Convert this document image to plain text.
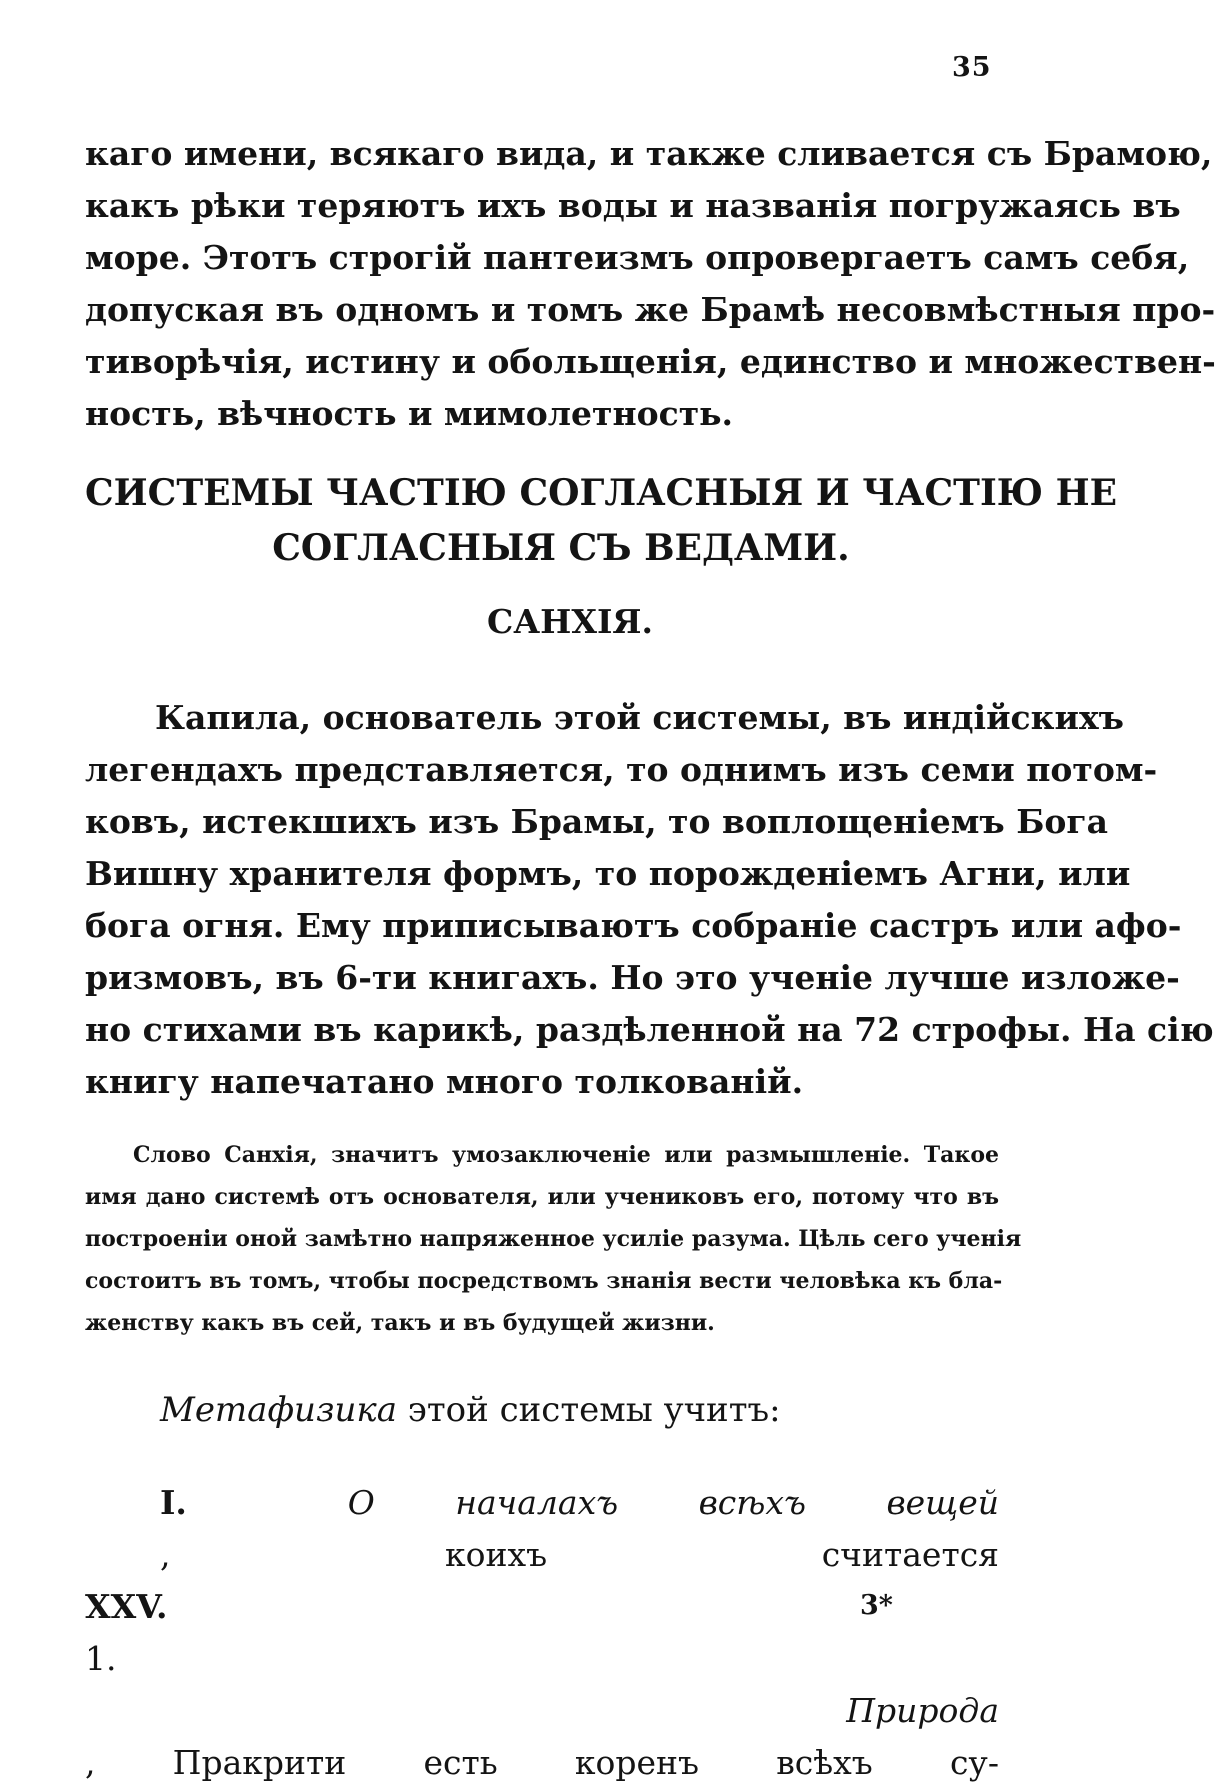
35
каго имени, всякаго вида, и также сливается съ Брамою,
какъ рѣки теряютъ ихъ воды и названія погружаясь въ
море. Этотъ строгій пантеизмъ опровергаетъ самъ себя,
допуская въ одномъ и томъ же Брамѣ несовмѣстныя про-
тиворѣчія, истину и обольщенія, единство и множествен-
ность, вѣчность и мимолетность.
СИСТЕМЫ ЧАСТІЮ СОГЛАСНЫЯ И ЧАСТІЮ НЕ
СОГЛАСНЫЯ СЪ ВЕДАМИ.
САНХІЯ.
Капила, основатель этой системы, въ индійскихъ
легендахъ представляется, то однимъ изъ семи потом-
ковъ, истекшихъ изъ Брамы, то воплощеніемъ Бога
Вишну хранителя формъ, то порожденіемъ Агни, или
бога огня. Ему приписываютъ собраніе састръ или афо-
ризмовъ, въ 6-ти книгахъ. Но это ученіе лучше изложе-
но стихами въ карикѣ, раздѣленной на 72 строфы. На сію
книгу напечатано много толкованій.
Слово Санхія, значитъ умозаключеніе или размышленіе. Такое
имя дано системѣ отъ основателя, или учениковъ его, потому что въ
построеніи оной замѣтно напряженное усиліе разума. Цѣль сего ученія
состоитъ въ томъ, чтобы посредствомъ знанія вести человѣка къ бла-
женству какъ въ сей, такъ и въ будущей жизни.

Метафизика этой системы учитъ:

I.	О началахъ всѣхъ вещей
, коихъ считается
XXV.
1.
Природа
, Пракрити есть коренъ всѣхъ су-
3*
